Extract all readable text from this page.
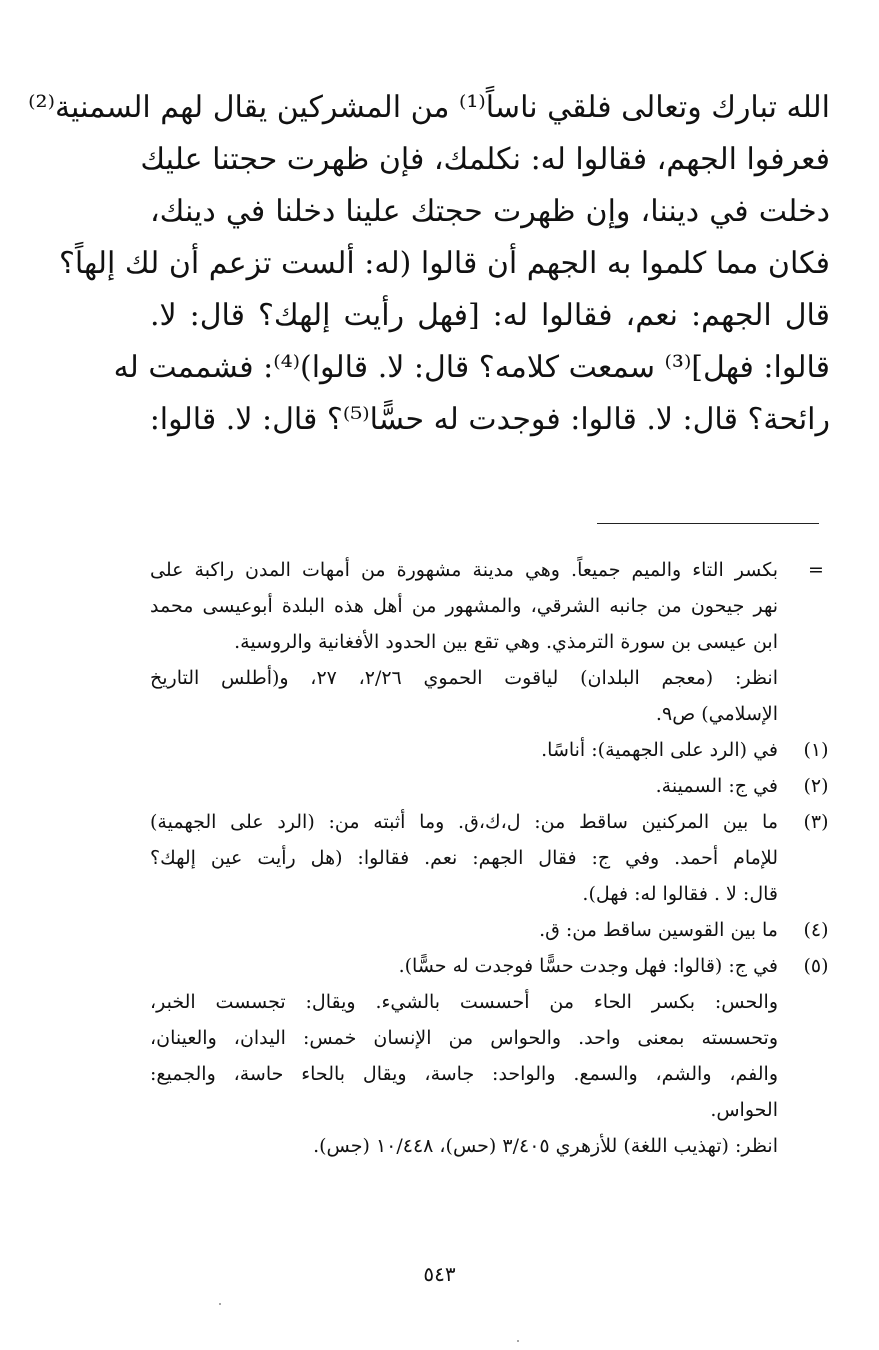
الله تبارك وتعالى فلقي ناساً⁽¹⁾ من المشركين يقال لهم السمنية⁽²⁾
فعرفوا الجهم، فقالوا له: نكلمك، فإن ظهرت حجتنا عليك
دخلت في ديننا، وإن ظهرت حجتك علينا دخلنا في دينك،
فكان مما كلموا به الجهم أن قالوا (له: ألست تزعم أن لك إلهاً؟
قال الجهم: نعم، فقالوا له: [فهل رأيت إلهك؟ قال: لا.
قالوا: فهل]⁽³⁾ سمعت كلامه؟ قال: لا. قالوا)⁽⁴⁾: فشممت له
رائحة؟ قال: لا. قالوا: فوجدت له حسًّا⁽⁵⁾؟ قال: لا. قالوا:
=
بكسر التاء والميم جميعاً. وهي مدينة مشهورة من أمهات المدن راكبة على
نهر جيحون من جانبه الشرقي، والمشهور من أهل هذه البلدة أبوعيسى محمد
ابن عيسى بن سورة الترمذي. وهي تقع بين الحدود الأفغانية والروسية.
انظر: (معجم البلدان) لياقوت الحموي ٢/٢٦، ٢٧، و(أطلس التاريخ
الإسلامي) ص٩.
(١)
في (الرد على الجهمية): أناسًا.
(٢)
في ج: السمينة.
(٣)
ما بين المركنين ساقط من: ل،ك،ق. وما أثبته من: (الرد على الجهمية)
للإمام أحمد. وفي ج: فقال الجهم: نعم. فقالوا: (هل رأيت عين إلهك؟
قال: لا . فقالوا له: فهل).
(٤)
ما بين القوسين ساقط من: ق.
(٥)
في ج: (قالوا: فهل وجدت حسًّا فوجدت له حسًّا).
والحس: بكسر الحاء من أحسست بالشيء. ويقال: تجسست الخبر،
وتحسسته بمعنى واحد. والحواس من الإنسان خمس: اليدان، والعينان،
والفم، والشم، والسمع. والواحد: جاسة، ويقال بالحاء حاسة، والجميع:
الحواس.
انظر: (تهذيب اللغة) للأزهري ٣/٤٠٥ (حس)، ١٠/٤٤٨ (جس).
٥٤٣
